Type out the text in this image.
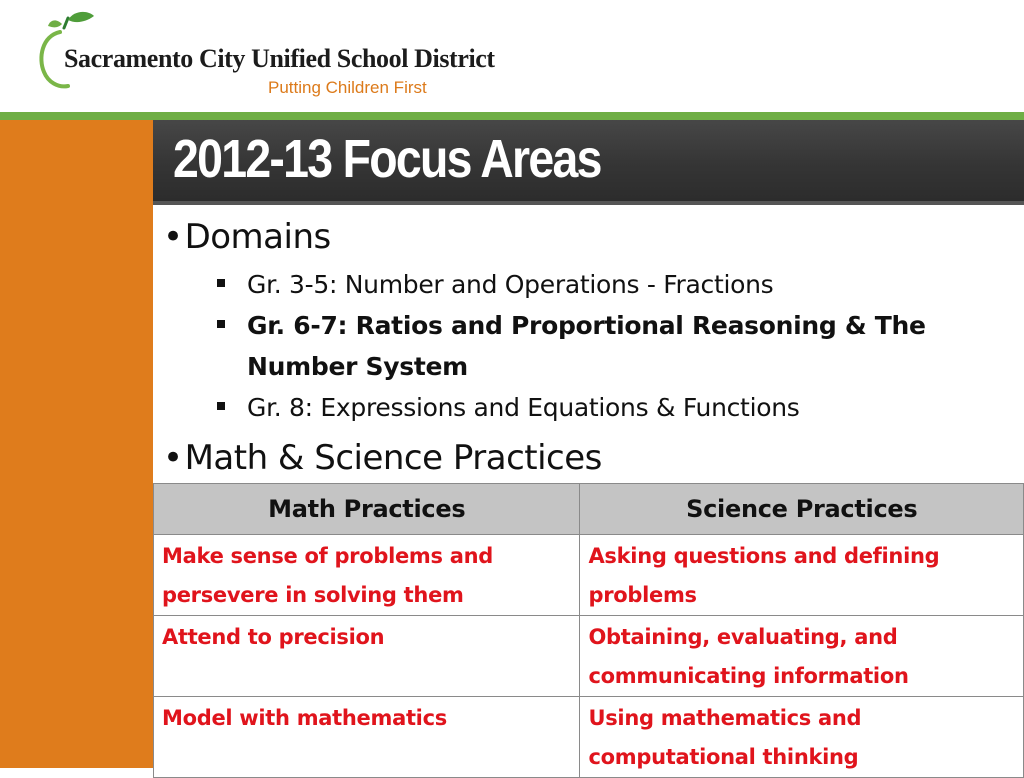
Sacramento City Unified School District

Putting Children First

2012-13 Focus Areas

•Domains

Gr. 3-5: Number and Operations - Fractions
Gr. 6-7: Ratios and Proportional Reasoning & The Number System
Gr. 8: Expressions and Equations & Functions

•Math & Science Practices

Math Practices	Science Practices
Make sense of problems and persevere in solving them	Asking questions and defining problems
Attend to precision	Obtaining, evaluating, and communicating information
Model with mathematics	Using mathematics and computational thinking
